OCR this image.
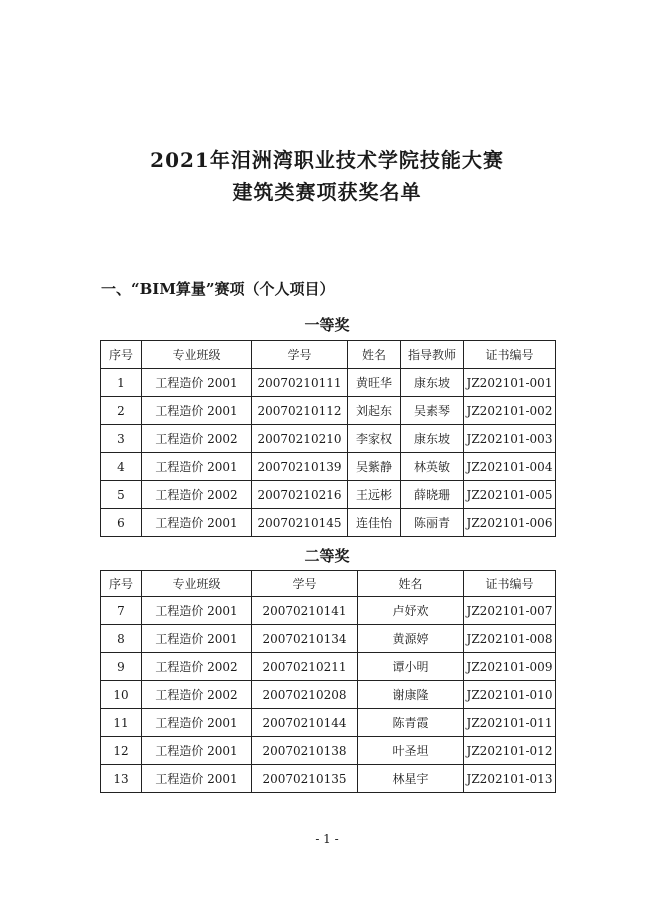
2021年泪洲湾职业技术学院技能大赛
建筑类赛项获奖名单
一、“BIM算量”赛项（个人项目）
一等奖
序号	专业班级	学号	姓名	指导教师	证书编号
1	工程造价 2001	20070210111	黄旺华	康东坡	JZ202101-001
2	工程造价 2001	20070210112	刘起东	吴素琴	JZ202101-002
3	工程造价 2002	20070210210	李家权	康东坡	JZ202101-003
4	工程造价 2001	20070210139	吴紫静	林英敏	JZ202101-004
5	工程造价 2002	20070210216	王远彬	薛晓珊	JZ202101-005
6	工程造价 2001	20070210145	连佳怡	陈丽青	JZ202101-006
二等奖
序号	专业班级	学号	姓名	证书编号
7	工程造价 2001	20070210141	卢妤欢	JZ202101-007
8	工程造价 2001	20070210134	黄源婷	JZ202101-008
9	工程造价 2002	20070210211	谭小明	JZ202101-009
10	工程造价 2002	20070210208	谢康隆	JZ202101-010
11	工程造价 2001	20070210144	陈青霞	JZ202101-011
12	工程造价 2001	20070210138	叶圣坦	JZ202101-012
13	工程造价 2001	20070210135	林星宇	JZ202101-013
- 1 -
